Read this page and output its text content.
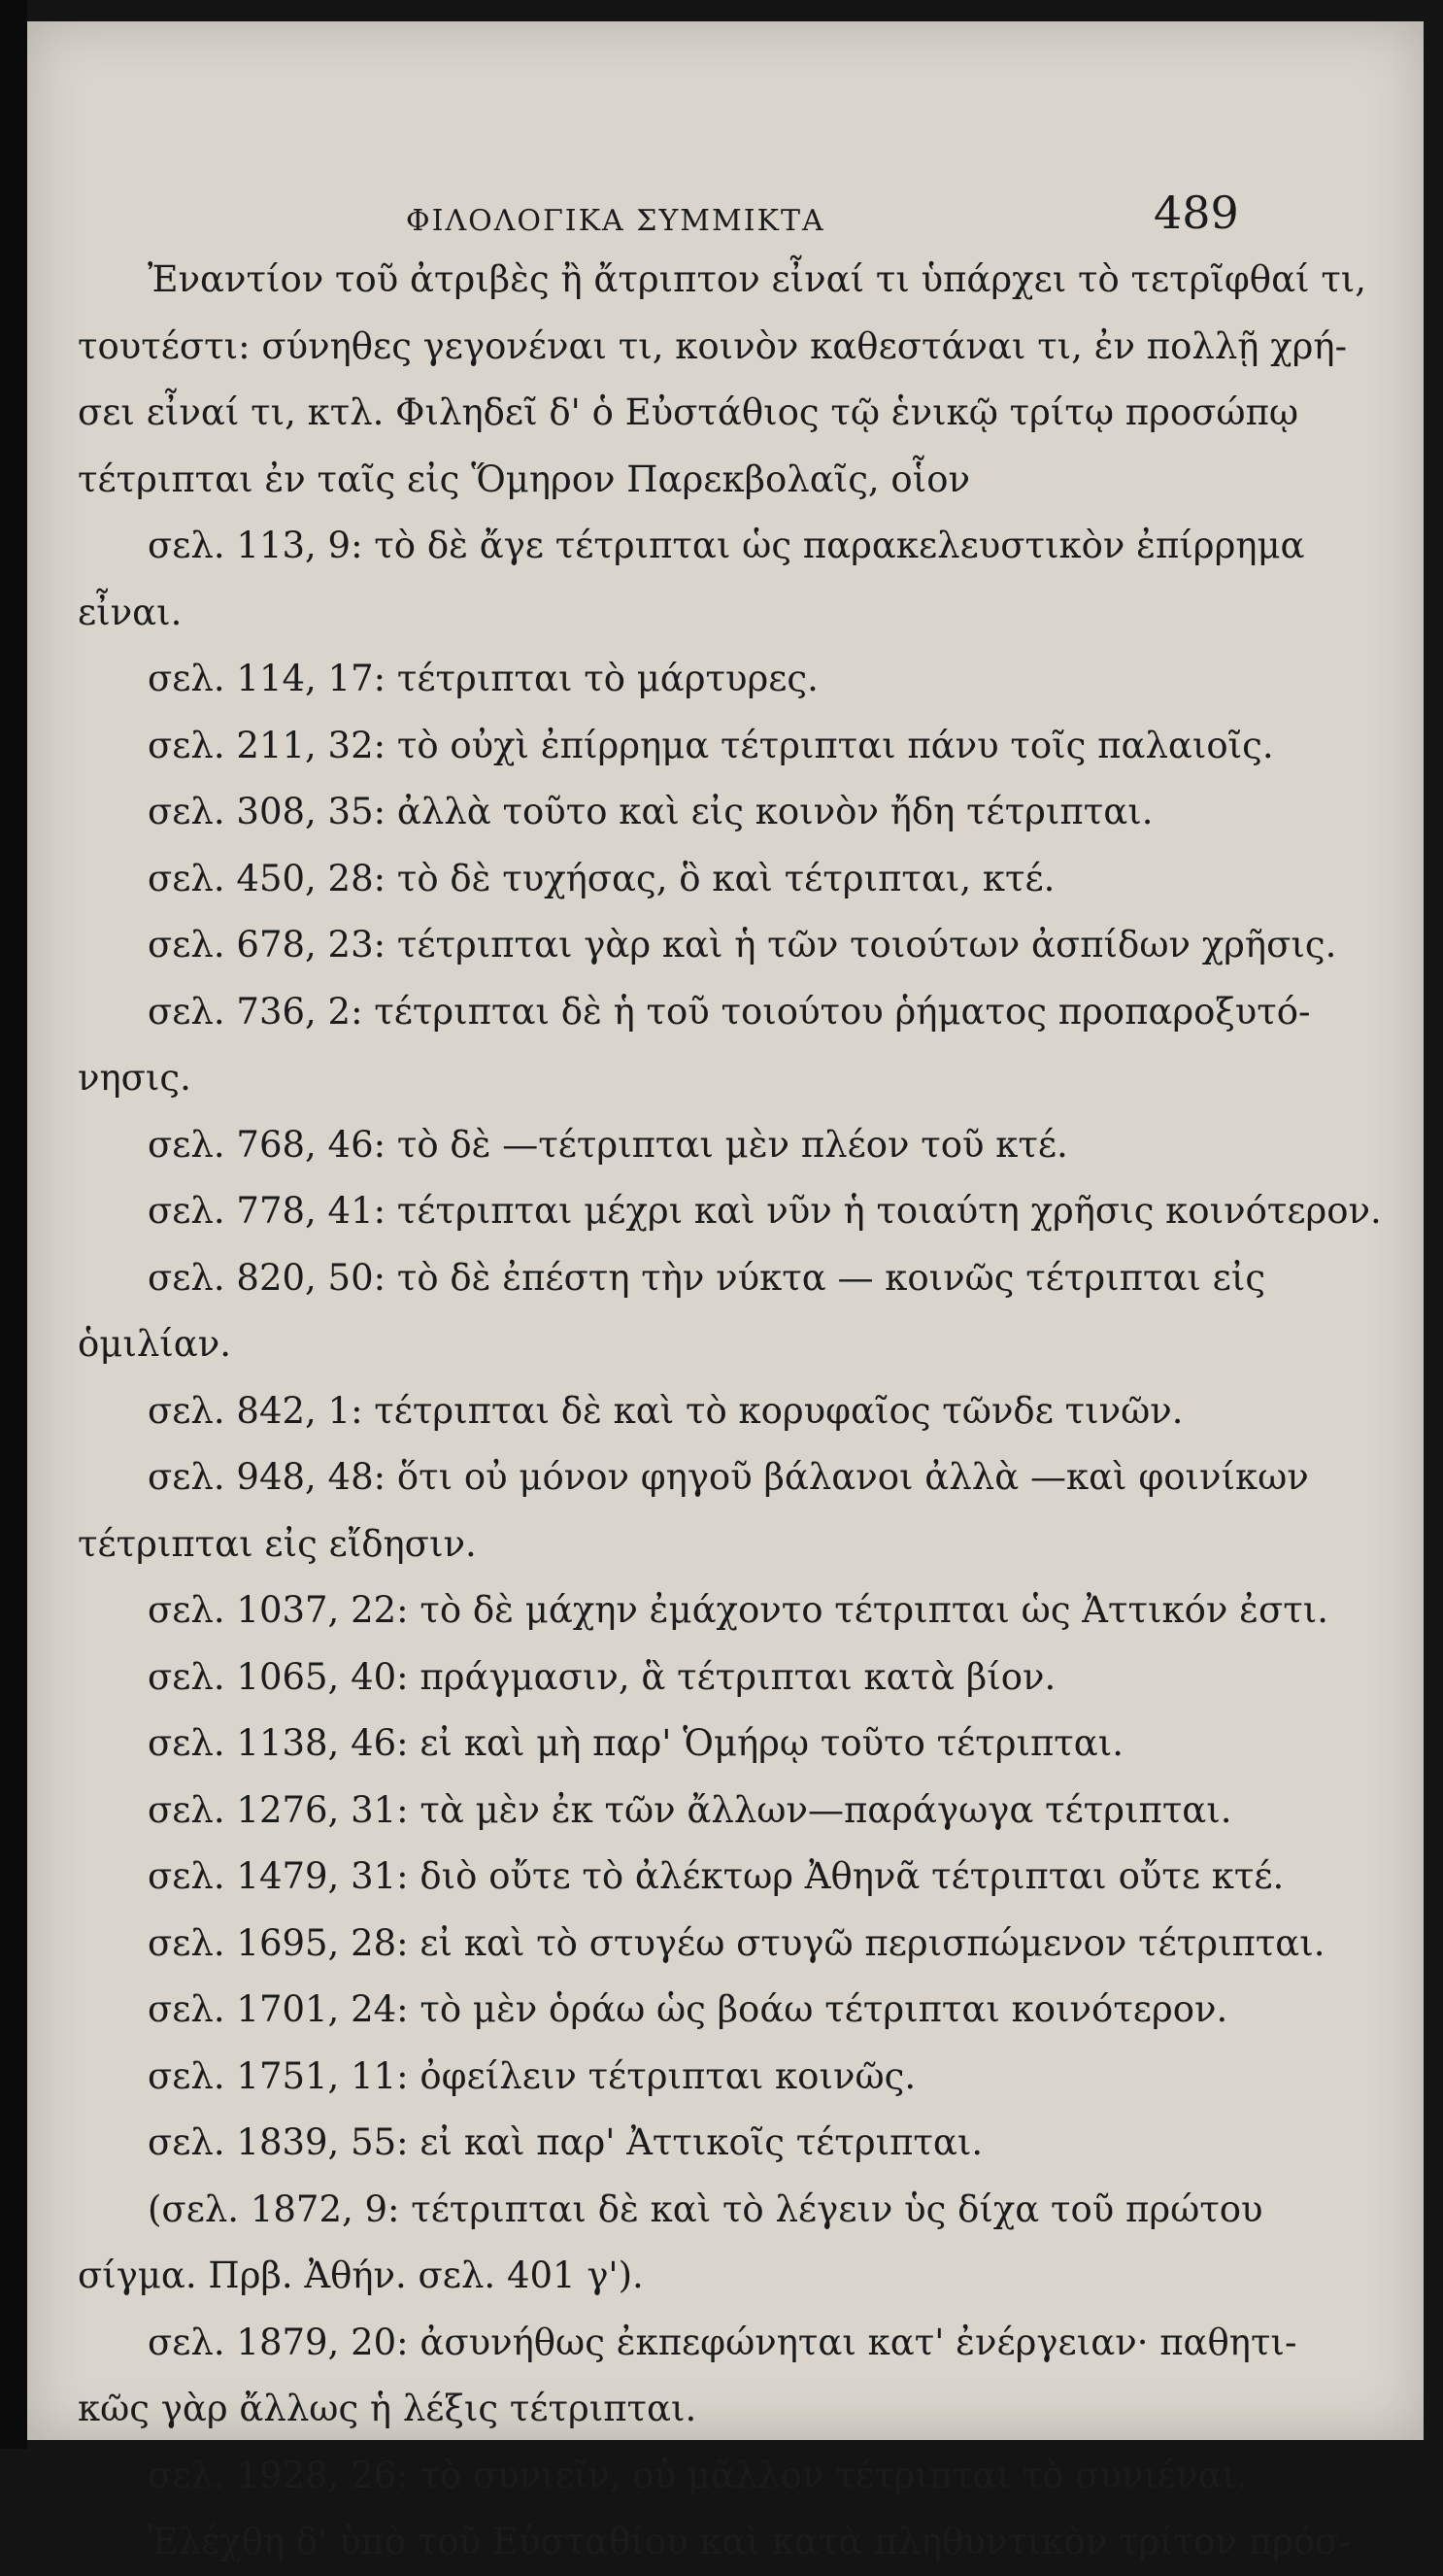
ΦΙΛΟΛΟΓΙΚΑ ΣΥΜΜΙΚΤΑ	489
Ἐναντίον τοῦ ἀτριβὲς ἢ ἄτριπτον εἶναί τι ὑπάρχει τὸ τετρῖφθαί τι,
τουτέστι: σύνηθες γεγονέναι τι, κοινὸν καθεστάναι τι, ἐν πολλῇ χρή-
σει εἶναί τι, κτλ. Φιληδεῖ δ' ὁ Εὐστάθιος τῷ ἑνικῷ τρίτῳ προσώπῳ
τέτριπται ἐν ταῖς εἰς Ὅμηρον Παρεκβολαῖς, οἷον
σελ. 113, 9: τὸ δὲ ἄγε τέτριπται ὡς παρακελευστικὸν ἐπίρρημα
εἶναι.
σελ. 114, 17: τέτριπται τὸ μάρτυρες.
σελ. 211, 32: τὸ οὐχὶ ἐπίρρημα τέτριπται πάνυ τοῖς παλαιοῖς.
σελ. 308, 35: ἀλλὰ τοῦτο καὶ εἰς κοινὸν ἤδη τέτριπται.
σελ. 450, 28: τὸ δὲ τυχήσας, ὃ καὶ τέτριπται, κτέ.
σελ. 678, 23: τέτριπται γὰρ καὶ ἡ τῶν τοιούτων ἀσπίδων χρῆσις.
σελ. 736, 2: τέτριπται δὲ ἡ τοῦ τοιούτου ῥήματος προπαροξυτό-
νησις.
σελ. 768, 46: τὸ δὲ —τέτριπται μὲν πλέον τοῦ κτέ.
σελ. 778, 41: τέτριπται μέχρι καὶ νῦν ἡ τοιαύτη χρῆσις κοινότερον.
σελ. 820, 50: τὸ δὲ ἐπέστη τὴν νύκτα — κοινῶς τέτριπται εἰς
ὁμιλίαν.
σελ. 842, 1: τέτριπται δὲ καὶ τὸ κορυφαῖος τῶνδε τινῶν.
σελ. 948, 48: ὅτι οὐ μόνον φηγοῦ βάλανοι ἀλλὰ —καὶ φοινίκων
τέτριπται εἰς εἴδησιν.
σελ. 1037, 22: τὸ δὲ μάχην ἐμάχοντο τέτριπται ὡς Ἀττικόν ἐστι.
σελ. 1065, 40: πράγμασιν, ἃ τέτριπται κατὰ βίον.
σελ. 1138, 46: εἰ καὶ μὴ παρ' Ὁμήρῳ τοῦτο τέτριπται.
σελ. 1276, 31: τὰ μὲν ἐκ τῶν ἄλλων—παράγωγα τέτριπται.
σελ. 1479, 31: διὸ οὔτε τὸ ἀλέκτωρ Ἀθηνᾶ τέτριπται οὔτε κτέ.
σελ. 1695, 28: εἰ καὶ τὸ στυγέω στυγῶ περισπώμενον τέτριπται.
σελ. 1701, 24: τὸ μὲν ὁράω ὡς βοάω τέτριπται κοινότερον.
σελ. 1751, 11: ὀφείλειν τέτριπται κοινῶς.
σελ. 1839, 55: εἰ καὶ παρ' Ἀττικοῖς τέτριπται.
(σελ. 1872, 9: τέτριπται δὲ καὶ τὸ λέγειν ὑς δίχα τοῦ πρώτου
σίγμα. Πρβ. Ἀθήν. σελ. 401 γ').
σελ. 1879, 20: ἀσυνήθως ἐκπεφώνηται κατ' ἐνέργειαν· παθητι-
κῶς γὰρ ἄλλως ἡ λέξις τέτριπται.
σελ. 1928, 26: τὸ συνιεῖν, οὐ μᾶλλον τέτριπται τὸ συνιέναι.
Ἐλέχθη δ' ὑπὸ τοῦ Εὐσταθίου καὶ κατὰ πληθυντικὸν τρίτον πρόσ-
